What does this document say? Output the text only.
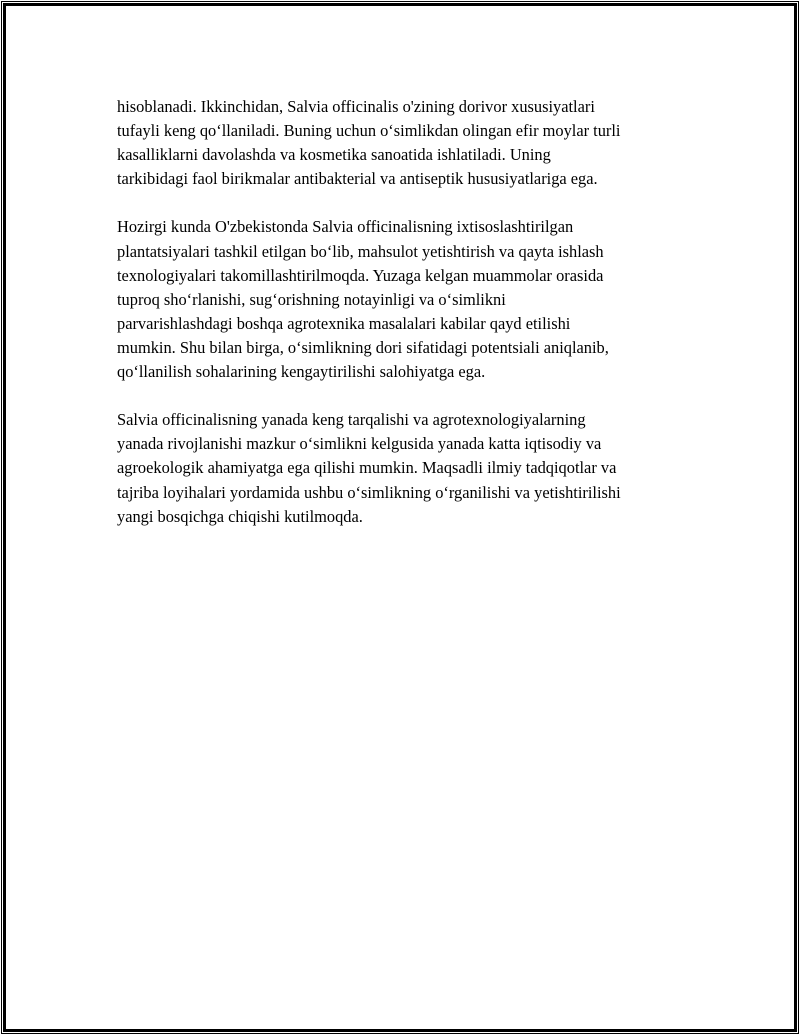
hisoblanadi. Ikkinchidan, Salvia officinalis o'zining dorivor xususiyatlari
tufayli keng qo‘llaniladi. Buning uchun o‘simlikdan olingan efir moylar turli
kasalliklarni davolashda va kosmetika sanoatida ishlatiladi. Uning
tarkibidagi faol birikmalar antibakterial va antiseptik hususiyatlariga ega.

Hozirgi kunda O'zbekistonda Salvia officinalisning ixtisoslashtirilgan
plantatsiyalari tashkil etilgan bo‘lib, mahsulot yetishtirish va qayta ishlash
texnologiyalari takomillashtirilmoqda. Yuzaga kelgan muammolar orasida
tuproq sho‘rlanishi, sug‘orishning notayinligi va o‘simlikni
parvarishlashdagi boshqa agrotexnika masalalari kabilar qayd etilishi
mumkin. Shu bilan birga, o‘simlikning dori sifatidagi potentsiali aniqlanib,
qo‘llanilish sohalarining kengaytirilishi salohiyatga ega.

Salvia officinalisning yanada keng tarqalishi va agrotexnologiyalarning
yanada rivojlanishi mazkur o‘simlikni kelgusida yanada katta iqtisodiy va
agroekologik ahamiyatga ega qilishi mumkin. Maqsadli ilmiy tadqiqotlar va
tajriba loyihalari yordamida ushbu o‘simlikning o‘rganilishi va yetishtirilishi
yangi bosqichga chiqishi kutilmoqda.
